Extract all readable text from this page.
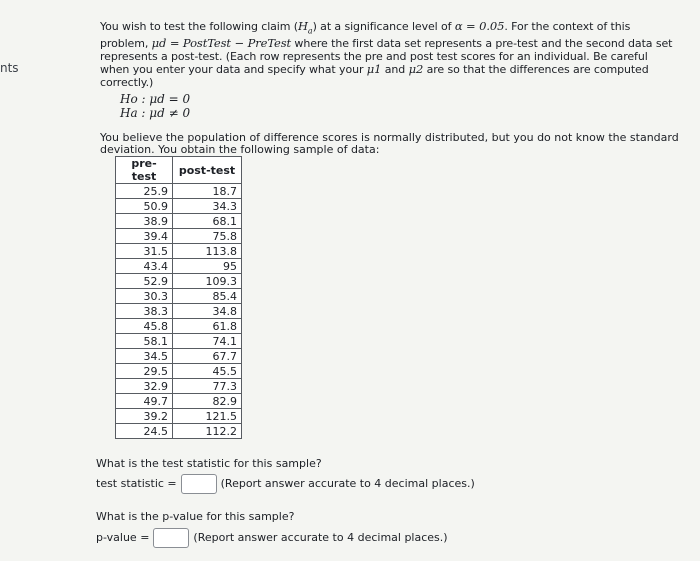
nts

You wish to test the following claim $(H_a)$ at a significance level of α = 0.05. For the context of this problem, μd = PostTest − PreTest where the first data set represents a pre-test and the second data set represents a post-test. (Each row represents the pre and post test scores for an individual. Be careful when you enter your data and specify what your μ1 and μ2 are so that the differences are computed correctly.)

Ho : μd = 0
Ha : μd ≠ 0

You believe the population of difference scores is normally distributed, but you do not know the standard deviation. You obtain the following sample of data:

pre-test	post-test
25.9	18.7
50.9	34.3
38.9	68.1
39.4	75.8
31.5	113.8
43.4	95
52.9	109.3
30.3	85.4
38.3	34.8
45.8	61.8
58.1	74.1
34.5	67.7
29.5	45.5
32.9	77.3
49.7	82.9
39.2	121.5
24.5	112.2
What is the test statistic for this sample?
test statistic =	(Report answer accurate to 4 decimal places.)
What is the p-value for this sample?
p-value =	(Report answer accurate to 4 decimal places.)
